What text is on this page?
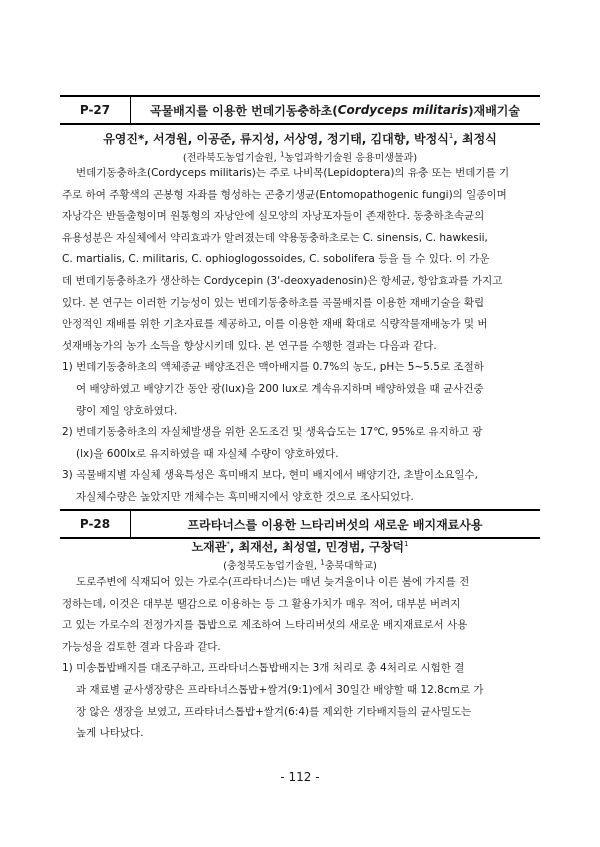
P-27	곡물배지를 이용한 번데기동충하초( Cordyceps militaris )재배기술
유영진*, 서경원, 이공준, 류지성, 서상영, 정기태, 김대향, 박정식$^1$, 최정식
(전라북도농업기술원, $^1$농업과학기술원 응용미생물과)
번데기동충하초(Cordyceps militaris)는 주로 나비목(Lepidoptera)의 유충 또는 번데기를 기
주로 하여 주황색의 곤봉형 자좌를 형성하는 곤충기생균(Entomopathogenic fungi)의 일종이며
자낭각은 반돌출형이며 원통형의 자낭안에 실모양의 자낭포자들이 존재한다. 동충하초속균의
유용성분은 자실체에서 약리효과가 알려졌는데 약용동충하초로는 C. sinensis, C. hawkesii,
C. martialis, C. militaris, C. ophioglogossoides, C. sobolifera 등을 들 수 있다. 이 가운
데 번데기동충하초가 생산하는 Cordycepin (3'-deoxyadenosin)은 항세균, 항암효과를 가지고
있다. 본 연구는 이러한 기능성이 있는 번데기동충하초를 곡물배지를 이용한 재배기술을 확립
안정적인 재배를 위한 기초자료를 제공하고, 이를 이용한 재배 확대로 식량작물재배농가 및 버
섯재배농가의 농가 소득을 향상시키데 있다. 본 연구를 수행한 결과는 다음과 같다.
1) 번데기동충하초의 액체종균 배양조건은 맥아배지를 0.7%의 농도, pH는 5~5.5로 조절하
여 배양하였고 배양기간 동안 광(lux)을 200 lux로 계속유지하며 배양하였을 때 균사건중
량이 제일 양호하였다.
2) 번데기동충하초의 자실체발생을 위한 온도조건 및 생육습도는 17℃, 95%로 유지하고 광
(lx)을 600lx로 유지하였을 때 자실체 수량이 양호하였다.
3) 곡물배지별 자실체 생육특성은 흑미배지 보다, 현미 배지에서 배양기간, 초발이소요일수,
자실체수량은 높았지만 개체수는 흑미배지에서 양호한 것으로 조사되었다.
P-28	프라타너스를 이용한 느타리버섯의 새로운 배지재료사용
노재관*, 최재선, 최성열, 민경범, 구창덕$^1$
(충청북도농업기술원, $^1$충북대학교)
도로주변에 식재되어 있는 가로수(프라타너스)는 매년 늦겨울이나 이른 봄에 가지를 전
정하는데, 이것은 대부분 땔감으로 이용하는 등 그 활용가치가 매우 적어, 대부분 버려지
고 있는 가로수의 전정가지를 톱밥으로 제조하여 느타리버섯의 새로운 배지재료로서 사용
가능성을 검토한 결과 다음과 같다.
1) 미송톱밥배지를 대조구하고, 프라타너스톱밥배지는 3개 처리로 총 4처리로 시험한 결
과 재료별 균사생장량은 프라타너스톱밥+쌀겨(9:1)에서 30일간 배양할 때 12.8cm로 가
장 않은 생장을 보였고, 프라타너스톱밥+쌀겨(6:4)를 제외한 기타배지들의 균사밀도는
높게 나타났다.
- 112 -
